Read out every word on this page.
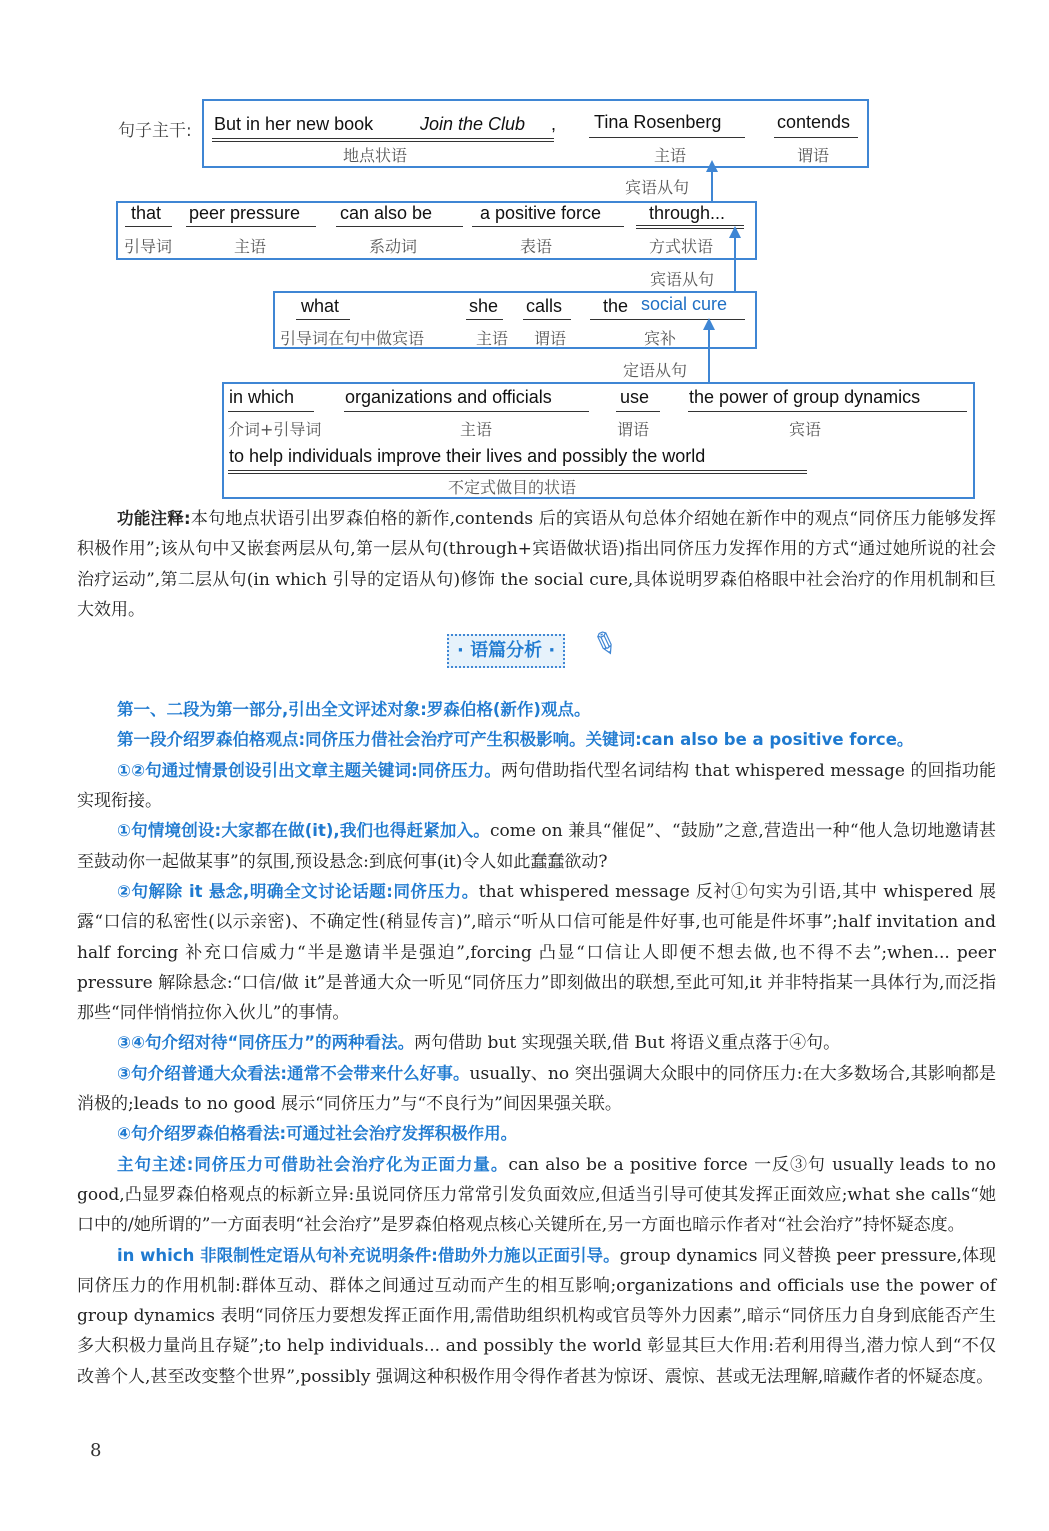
句子主干: But in her new book	Join the Club ,
地点状语
Tina Rosenberg
主语
contends
谓语
宾语从句
that
引导词
peer pressure
主语
can also be
系动词
a positive force
表语
through...
方式状语
宾语从句
what
引导词在句中做宾语
she
主语
calls
谓语
the social cure
宾补
定语从句
in which
介词+引导词
organizations and officials
主语
use
谓语
the power of group dynamics
宾语
to help individuals improve their lives and possibly the world
不定式做目的状语

功能注释:本句地点状语引出罗森伯格的新作,contends 后的宾语从句总体介绍她在新作中的观点“同侪压力能够发挥积极作用”;该从句中又嵌套两层从句,第一层从句(through+宾语做状语)指出同侪压力发挥作用的方式“通过她所说的社会治疗运动”,第二层从句(in which 引导的定语从句)修饰 the social cure,具体说明罗森伯格眼中社会治疗的作用机制和巨大效用。

· 语篇分析 ·	✎

第一、二段为第一部分,引出全文评述对象:罗森伯格(新作)观点。

第一段介绍罗森伯格观点:同侪压力借社会治疗可产生积极影响。关键词:can also be a positive force。

①②句通过情景创设引出文章主题关键词:同侪压力。两句借助指代型名词结构 that whispered message 的回指功能实现衔接。

①句情境创设:大家都在做(it),我们也得赶紧加入。come on 兼具“催促”、“鼓励”之意,营造出一种“他人急切地邀请甚至鼓动你一起做某事”的氛围,预设悬念:到底何事(it)令人如此蠢蠢欲动?

②句解除 it 悬念,明确全文讨论话题:同侪压力。that whispered message 反衬①句实为引语,其中 whispered 展露“口信的私密性(以示亲密)、不确定性(稍显传言)”,暗示“听从口信可能是件好事,也可能是件坏事”;half invitation and half forcing 补充口信威力“半是邀请半是强迫”,forcing 凸显“口信让人即便不想去做,也不得不去”;when... peer pressure 解除悬念:“口信/做 it”是普通大众一听见“同侪压力”即刻做出的联想,至此可知,it 并非特指某一具体行为,而泛指那些“同伴悄悄拉你入伙儿”的事情。

③④句介绍对待“同侪压力”的两种看法。两句借助 but 实现强关联,借 But 将语义重点落于④句。

③句介绍普通大众看法:通常不会带来什么好事。usually、no 突出强调大众眼中的同侪压力:在大多数场合,其影响都是消极的;leads to no good 展示“同侪压力”与“不良行为”间因果强关联。

④句介绍罗森伯格看法:可通过社会治疗发挥积极作用。

主句主述:同侪压力可借助社会治疗化为正面力量。can also be a positive force 一反③句 usually leads to no good,凸显罗森伯格观点的标新立异:虽说同侪压力常常引发负面效应,但适当引导可使其发挥正面效应;what she calls“她口中的/她所谓的”一方面表明“社会治疗”是罗森伯格观点核心关键所在,另一方面也暗示作者对“社会治疗”持怀疑态度。

in which 非限制性定语从句补充说明条件:借助外力施以正面引导。group dynamics 同义替换 peer pressure,体现同侪压力的作用机制:群体互动、群体之间通过互动而产生的相互影响;organizations and officials use the power of group dynamics 表明“同侪压力要想发挥正面作用,需借助组织机构或官员等外力因素”,暗示“同侪压力自身到底能否产生多大积极力量尚且存疑”;to help individuals... and possibly the world 彰显其巨大作用:若利用得当,潜力惊人到“不仅改善个人,甚至改变整个世界”,possibly 强调这种积极作用令得作者甚为惊讶、震惊、甚或无法理解,暗藏作者的怀疑态度。

8
